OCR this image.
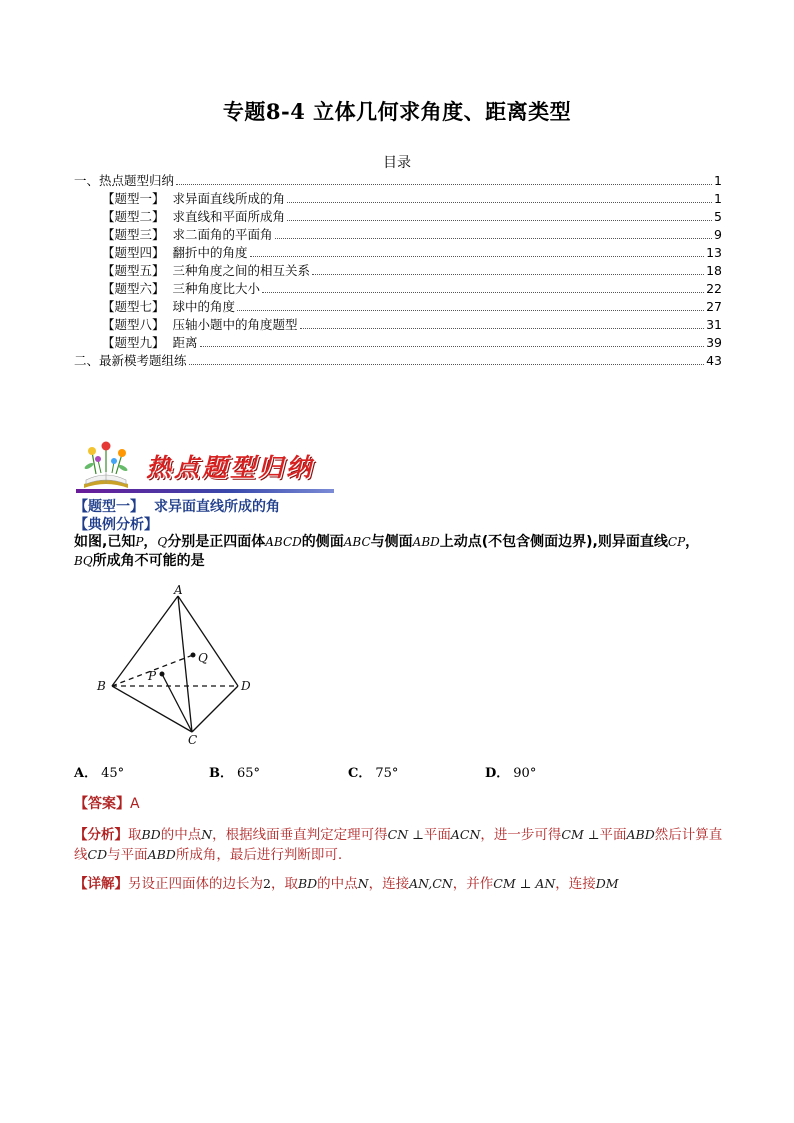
专题8-4 立体几何求角度、距离类型
目录
一、热点题型归纳	1
【题型一】 求异面直线所成的角	1
【题型二】 求直线和平面所成角	5
【题型三】 求二面角的平面角	9
【题型四】 翻折中的角度	13
【题型五】 三种角度之间的相互关系	18
【题型六】 三种角度比大小	22
【题型七】 球中的角度	27
【题型八】 压轴小题中的角度题型	31
【题型九】 距离	39
二、最新模考题组练	43
热点题型归纳
【题型一】 求异面直线所成的角
【典例分析】
如图,已知P，Q分别是正四面体ABCD的侧面ABC与侧面ABD上动点(不包含侧面边界),则异面直线CP，
BQ所成角不可能的是
A
B
C
D
P
Q
A． 45°	B． 65°	C． 75°	D． 90°
【答案】A
【分析】取BD的中点N，根据线面垂直判定定理可得CN ⊥平面ACN，进一步可得CM ⊥平面ABD然后计算直线CD与平面ABD所成角，最后进行判断即可.
【详解】另设正四面体的边长为2，取BD的中点N，连接AN,CN，并作CM ⊥ AN，连接DM
